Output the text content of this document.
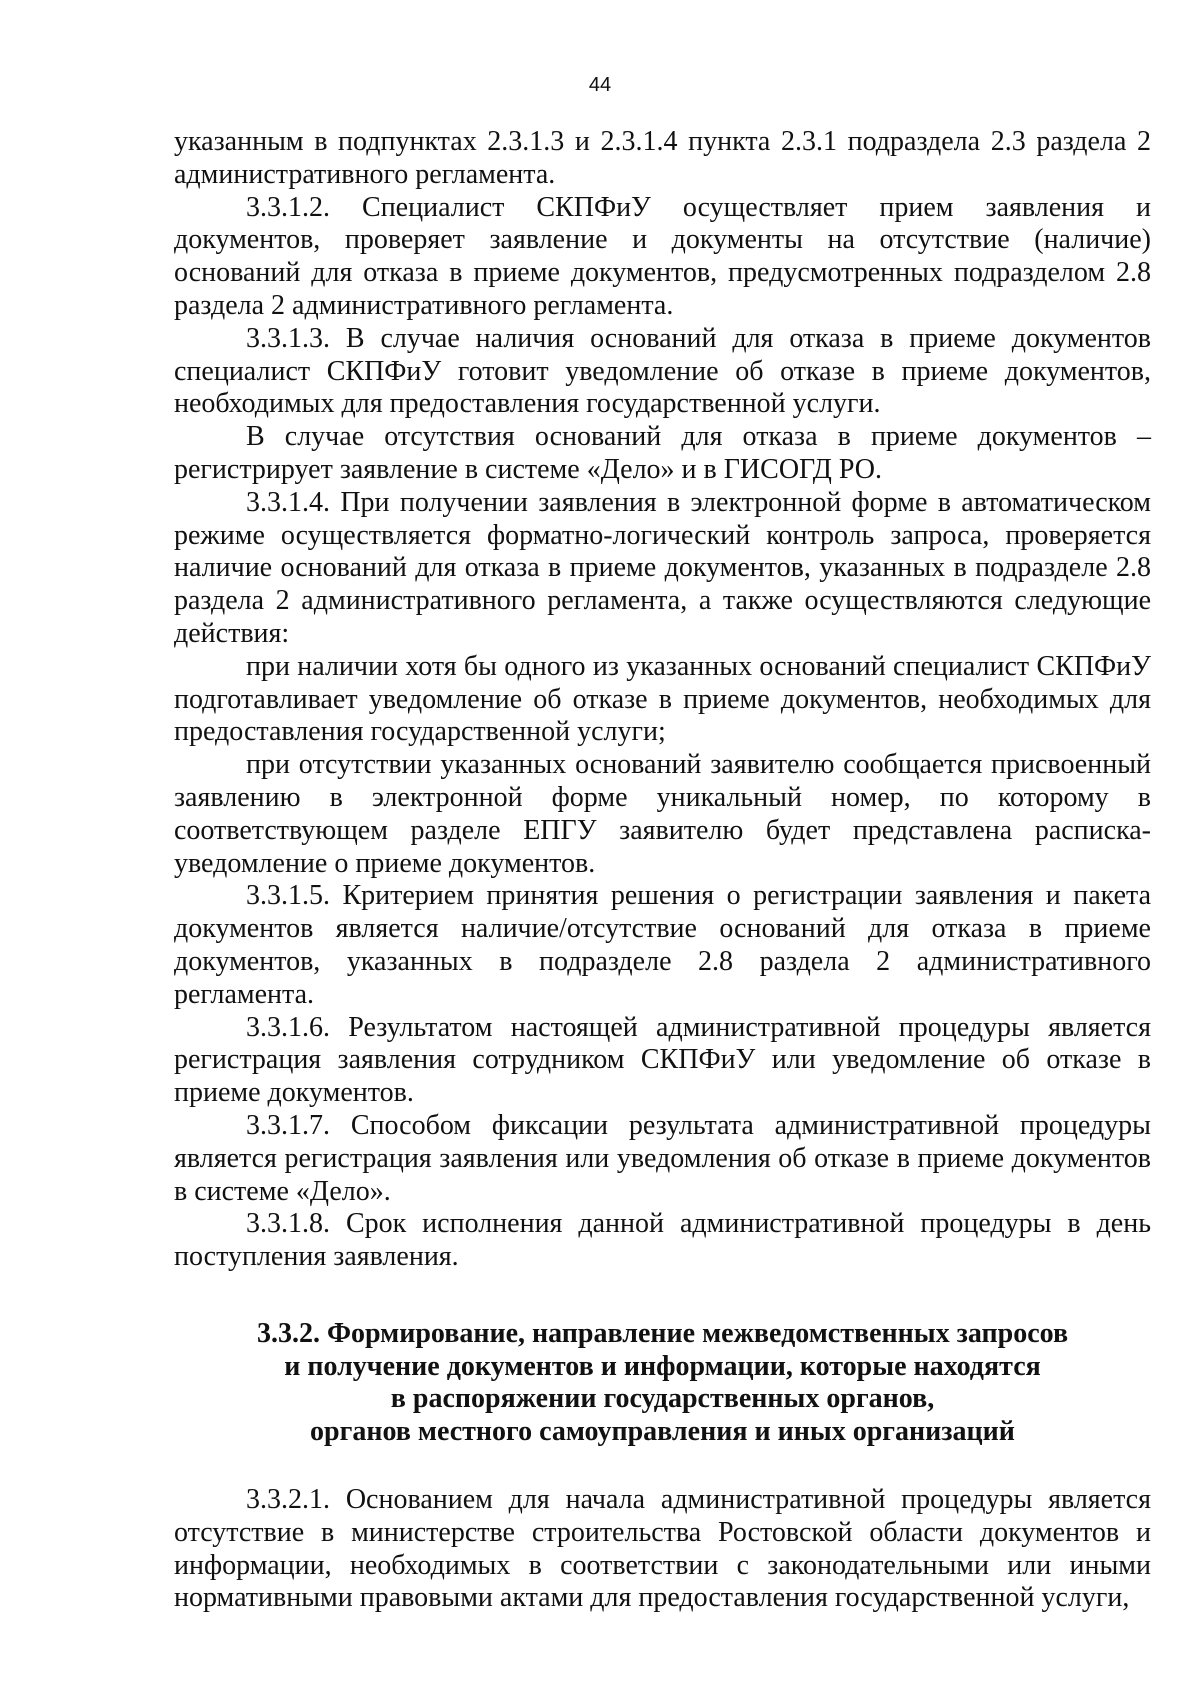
44

указанным в подпунктах 2.3.1.3 и 2.3.1.4 пункта 2.3.1 подраздела 2.3 раздела 2 административного регламента.

3.3.1.2. Специалист СКПФиУ осуществляет прием заявления и документов, проверяет заявление и документы на отсутствие (наличие) оснований для отказа в приеме документов, предусмотренных подразделом 2.8 раздела 2 административного регламента.

3.3.1.3. В случае наличия оснований для отказа в приеме документов специалист СКПФиУ готовит уведомление об отказе в приеме документов, необходимых для предоставления государственной услуги.

В случае отсутствия оснований для отказа в приеме документов – регистрирует заявление в системе «Дело» и в ГИСОГД РО.

3.3.1.4. При получении заявления в электронной форме в автоматическом режиме осуществляется форматно-логический контроль запроса, проверяется наличие оснований для отказа в приеме документов, указанных в подразделе 2.8 раздела 2 административного регламента, а также осуществляются следующие действия:

при наличии хотя бы одного из указанных оснований специалист СКПФиУ подготавливает уведомление об отказе в приеме документов, необходимых для предоставления государственной услуги;

при отсутствии указанных оснований заявителю сообщается присвоенный заявлению в электронной форме уникальный номер, по которому в соответствующем разделе ЕПГУ заявителю будет представлена расписка-уведомление о приеме документов.

3.3.1.5. Критерием принятия решения о регистрации заявления и пакета документов является наличие/отсутствие оснований для отказа в приеме документов, указанных в подразделе 2.8 раздела 2 административного регламента.

3.3.1.6. Результатом настоящей административной процедуры является регистрация заявления сотрудником СКПФиУ или уведомление об отказе в приеме документов.

3.3.1.7. Способом фиксации результата административной процедуры является регистрация заявления или уведомления об отказе в приеме документов в системе «Дело».

3.3.1.8. Срок исполнения данной административной процедуры в день поступления заявления.

3.3.2. Формирование, направление межведомственных запросов
и получение документов и информации, которые находятся
в распоряжении государственных органов,
органов местного самоуправления и иных организаций

3.3.2.1. Основанием для начала административной процедуры является отсутствие в министерстве строительства Ростовской области документов и информации, необходимых в соответствии с законодательными или иными нормативными правовыми актами для предоставления государственной услуги,
